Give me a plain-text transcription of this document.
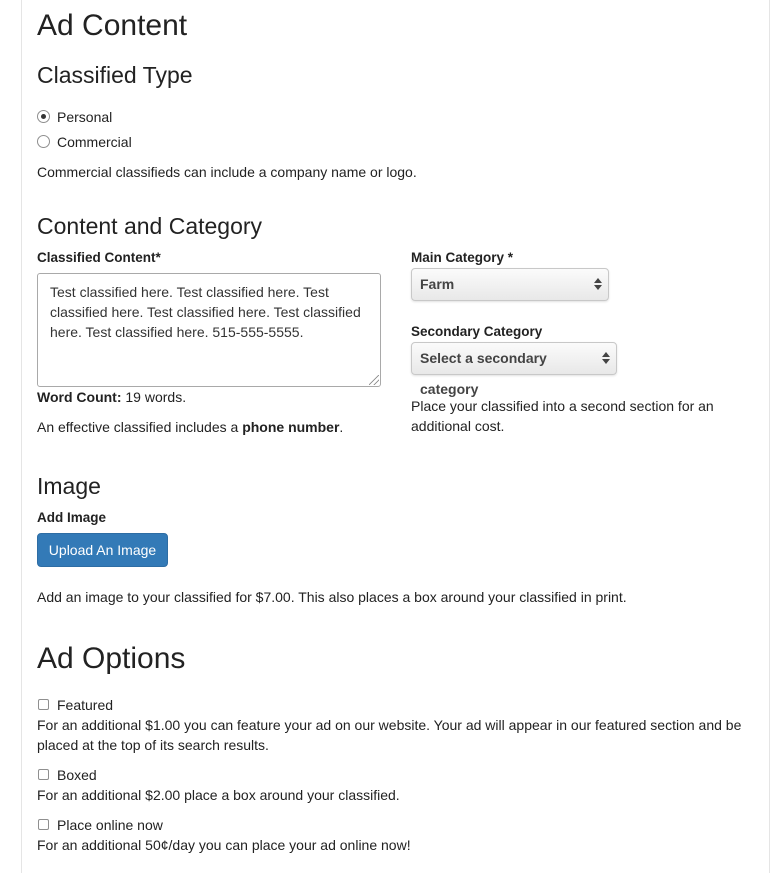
Ad Content
Classified Type
Personal
Commercial
Commercial classifieds can include a company name or logo.
Content and Category
Classified Content*
Test classified here. Test classified here. Test classified here. Test classified here. Test classified here. Test classified here. 515-555-5555.
Word Count: 19 words.
An effective classified includes a phone number.
Main Category *
Farm
Secondary Category
Select a secondary category
Place your classified into a second section for an additional cost.
Image
Add Image
Upload An Image
Add an image to your classified for $7.00. This also places a box around your classified in print.
Ad Options
Featured
For an additional $1.00 you can feature your ad on our website. Your ad will appear in our featured section and be placed at the top of its search results.
Boxed
For an additional $2.00 place a box around your classified.
Place online now
For an additional 50¢/day you can place your ad online now!
